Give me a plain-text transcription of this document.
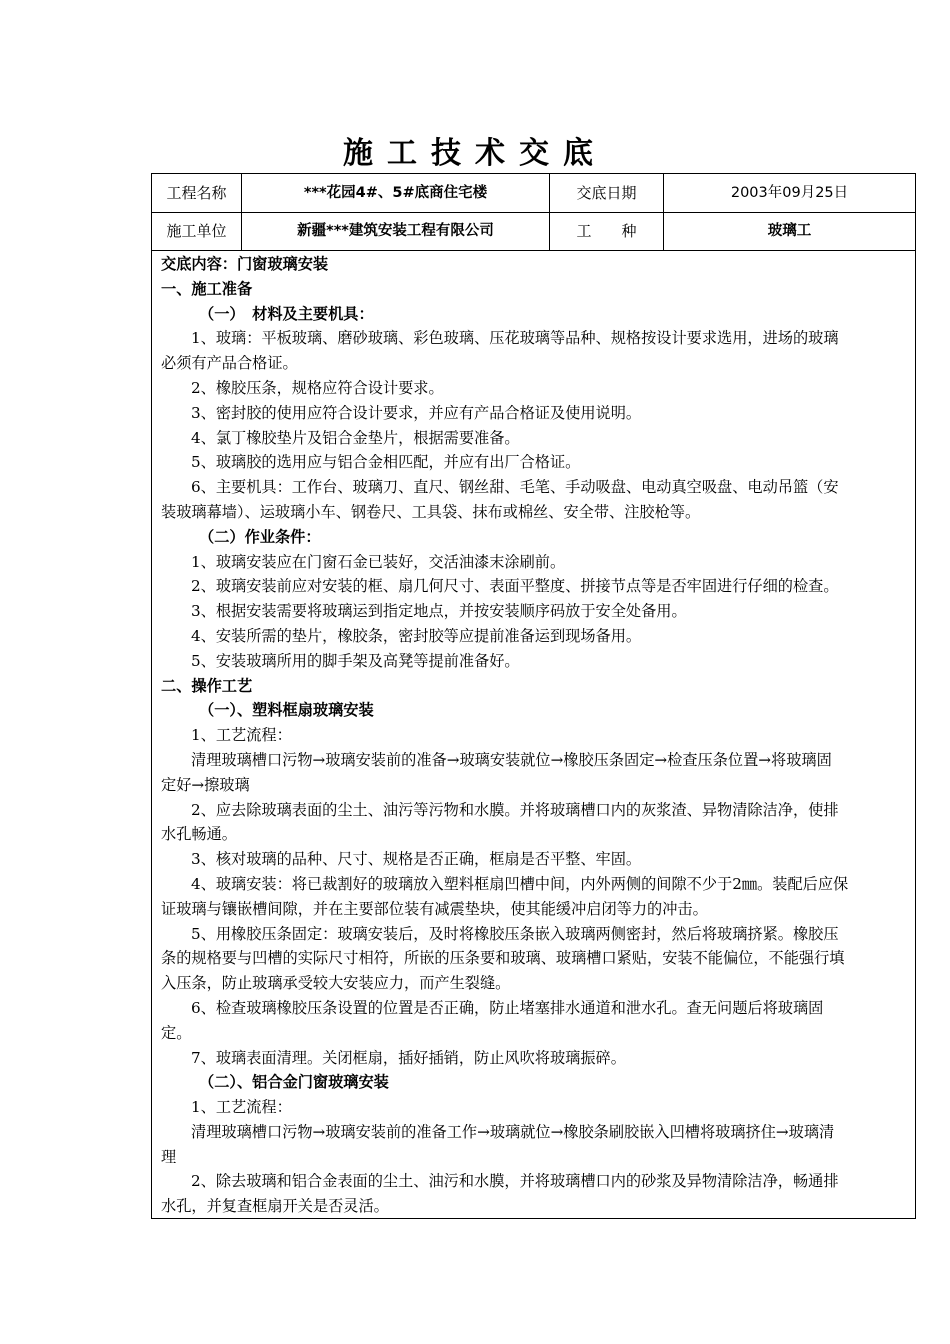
施工技术交底
工程名称	***花园4#、5#底商住宅楼	交底日期	2003年09月25日
施工单位	新疆***建筑安装工程有限公司	工　　种	玻璃工
交底内容：门窗玻璃安装
一、施工准备
（一）　材料及主要机具：
1、玻璃：平板玻璃、磨砂玻璃、彩色玻璃、压花玻璃等品种、规格按设计要求选用，进场的玻璃
必须有产品合格证。
2、橡胶压条，规格应符合设计要求。
3、密封胶的使用应符合设计要求，并应有产品合格证及使用说明。
4、氯丁橡胶垫片及铝合金垫片，根据需要准备。
5、玻璃胶的选用应与铝合金相匹配，并应有出厂合格证。
6、主要机具：工作台、玻璃刀、直尺、钢丝甜、毛笔、手动吸盘、电动真空吸盘、电动吊篮（安
装玻璃幕墙）、运玻璃小车、钢卷尺、工具袋、抹布或棉丝、安全带、注胶枪等。
（二）作业条件：
1、玻璃安装应在门窗石金已装好，交活油漆末涂刷前。
2、玻璃安装前应对安装的框、扇几何尺寸、表面平整度、拼接节点等是否牢固进行仔细的检查。
3、根据安装需要将玻璃运到指定地点，并按安装顺序码放于安全处备用。
4、安装所需的垫片，橡胶条，密封胶等应提前准备运到现场备用。
5、安装玻璃所用的脚手架及高凳等提前准备好。
二、操作工艺
（一）、塑料框扇玻璃安装
1、工艺流程：
清理玻璃槽口污物→玻璃安装前的准备→玻璃安装就位→橡胶压条固定→检查压条位置→将玻璃固
定好→擦玻璃
2、应去除玻璃表面的尘土、油污等污物和水膜。并将玻璃槽口内的灰浆渣、异物清除洁净，使排
水孔畅通。
3、核对玻璃的品种、尺寸、规格是否正确，框扇是否平整、牢固。
4、玻璃安装：将已裁割好的玻璃放入塑料框扇凹槽中间，内外两侧的间隙不少于2㎜。装配后应保
证玻璃与镶嵌槽间隙，并在主要部位装有减震垫块，使其能缓冲启闭等力的冲击。
5、用橡胶压条固定：玻璃安装后，及时将橡胶压条嵌入玻璃两侧密封，然后将玻璃挤紧。橡胶压
条的规格要与凹槽的实际尺寸相符，所嵌的压条要和玻璃、玻璃槽口紧贴，安装不能偏位，不能强行填
入压条，防止玻璃承受较大安装应力，而产生裂缝。
6、检查玻璃橡胶压条设置的位置是否正确，防止堵塞排水通道和泄水孔。查无问题后将玻璃固
定。
7、玻璃表面清理。关闭框扇，插好插销，防止风吹将玻璃振碎。
（二）、铝合金门窗玻璃安装
1、工艺流程：
清理玻璃槽口污物→玻璃安装前的准备工作→玻璃就位→橡胶条刷胶嵌入凹槽将玻璃挤住→玻璃清
理
2、除去玻璃和铝合金表面的尘土、油污和水膜，并将玻璃槽口内的砂浆及异物清除洁净，畅通排
水孔，并复查框扇开关是否灵活。
